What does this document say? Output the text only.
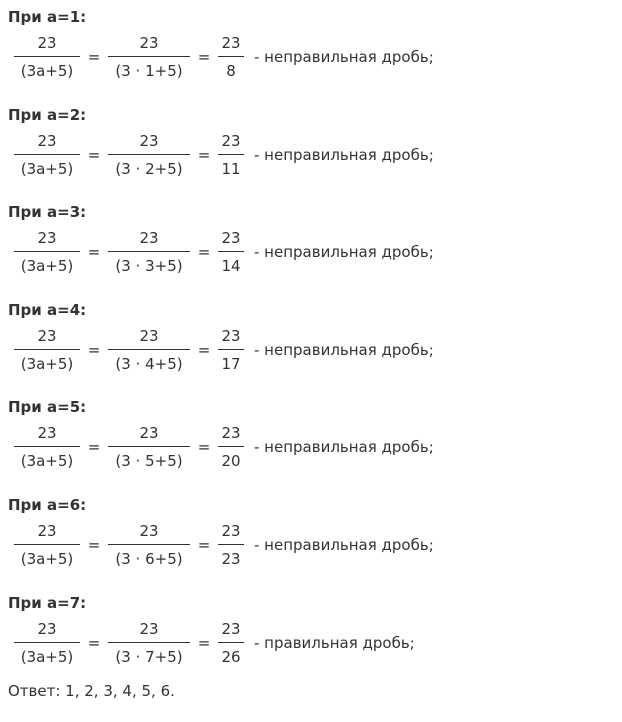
При а=1:
$\frac{23}{(3а+5)} = \frac{23}{(3 \cdot 1+5)} = \frac{23}{8}$ - неправильная дробь;
При а=2:
$\frac{23}{(3а+5)} = \frac{23}{(3 \cdot 2+5)} = \frac{23}{11}$ - неправильная дробь;
При а=3:
$\frac{23}{(3а+5)} = \frac{23}{(3 \cdot 3+5)} = \frac{23}{14}$ - неправильная дробь;
При а=4:
$\frac{23}{(3а+5)} = \frac{23}{(3 \cdot 4+5)} = \frac{23}{17}$ - неправильная дробь;
При а=5:
$\frac{23}{(3а+5)} = \frac{23}{(3 \cdot 5+5)} = \frac{23}{20}$ - неправильная дробь;
При а=6:
$\frac{23}{(3а+5)} = \frac{23}{(3 \cdot 6+5)} = \frac{23}{23}$ - неправильная дробь;
При а=7:
$\frac{23}{(3а+5)} = \frac{23}{(3 \cdot 7+5)} = \frac{23}{26}$ - правильная дробь;
Ответ: 1, 2, 3, 4, 5, 6.
